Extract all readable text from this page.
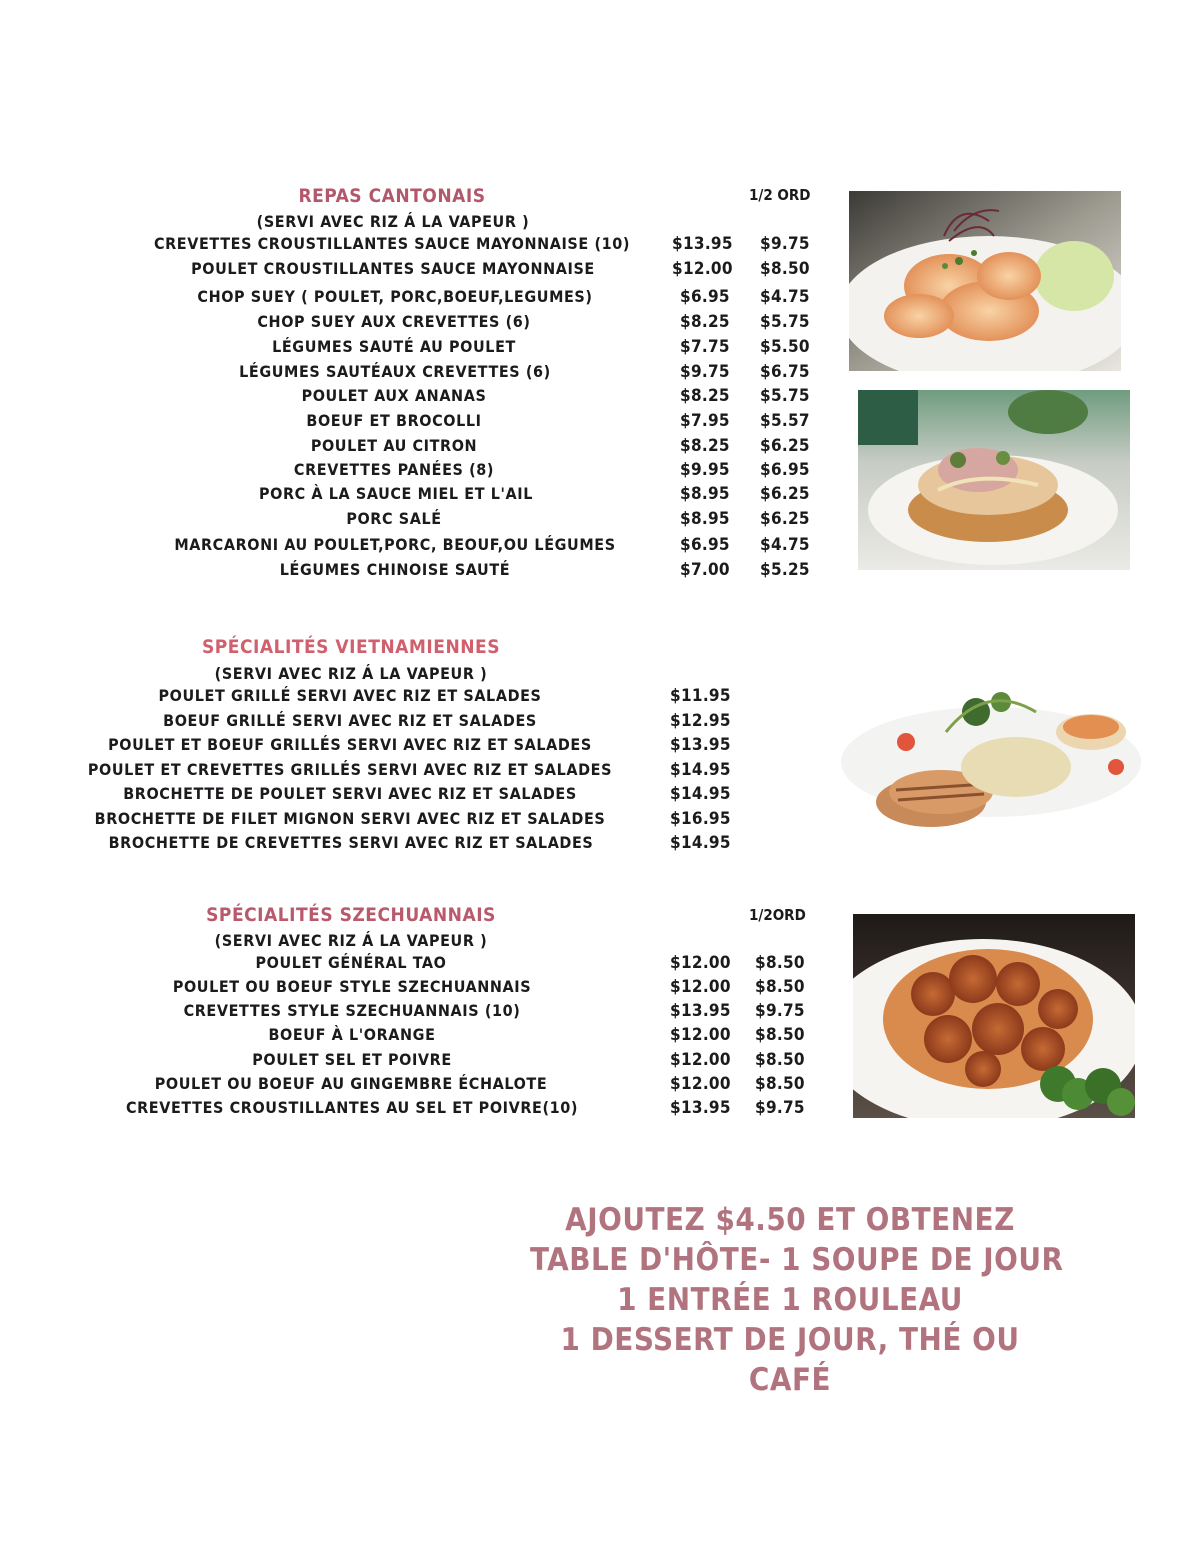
REPAS CANTONAIS	1/2 ORD
(SERVI AVEC RIZ Á LA VAPEUR )
CREVETTES CROUSTILLANTES SAUCE MAYONNAISE (10) $13.95 $9.75
POULET CROUSTILLANTES SAUCE MAYONNAISE	$12.00 $8.50
CHOP SUEY ( POULET, PORC,BOEUF,LEGUMES)	$6.95 $4.75
CHOP SUEY AUX CREVETTES (6)	$8.25 $5.75
LÉGUMES SAUTÉ AU POULET	$7.75 $5.50
LÉGUMES SAUTÉAUX CREVETTES (6)	$9.75 $6.75
POULET AUX ANANAS	$8.25 $5.75
BOEUF ET BROCOLLI	$7.95 $5.57
POULET AU CITRON	$8.25 $6.25
CREVETTES PANÉES (8)	$9.95 $6.95
PORC À LA SAUCE MIEL ET L'AIL	$8.95 $6.25
PORC SALÉ	$8.95 $6.25
MARCARONI AU POULET,PORC, BEOUF,OU LÉGUMES	$6.95 $4.75
LÉGUMES CHINOISE SAUTÉ	$7.00 $5.25
SPÉCIALITÉS VIETNAMIENNES
(SERVI AVEC RIZ Á LA VAPEUR )
POULET GRILLÉ SERVI AVEC RIZ ET SALADES	$11.95
BOEUF GRILLÉ SERVI AVEC RIZ ET SALADES	$12.95
POULET ET BOEUF GRILLÉS SERVI AVEC RIZ ET SALADES	$13.95
POULET ET CREVETTES GRILLÉS SERVI AVEC RIZ ET SALADES	$14.95
BROCHETTE DE POULET SERVI AVEC RIZ ET SALADES	$14.95
BROCHETTE DE FILET MIGNON SERVI AVEC RIZ ET SALADES	$16.95
BROCHETTE DE CREVETTES SERVI AVEC RIZ ET SALADES	$14.95
SPÉCIALITÉS SZECHUANNAIS	1/2ORD
(SERVI AVEC RIZ Á LA VAPEUR )
POULET GÉNÉRAL TAO	$12.00 $8.50
POULET OU BOEUF STYLE SZECHUANNAIS	$12.00 $8.50
CREVETTES STYLE SZECHUANNAIS (10)	$13.95 $9.75
BOEUF À L'ORANGE	$12.00 $8.50
POULET SEL ET POIVRE	$12.00 $8.50
POULET OU BOEUF AU GINGEMBRE ÉCHALOTE	$12.00 $8.50
CREVETTES CROUSTILLANTES AU SEL ET POIVRE(10)	$13.95 $9.75
AJOUTEZ $4.50 ET OBTENEZ
TABLE D'HÔTE- 1 SOUPE DE JOUR
1 ENTRÉE 1 ROULEAU
1 DESSERT DE JOUR, THÉ OU
CAFÉ
